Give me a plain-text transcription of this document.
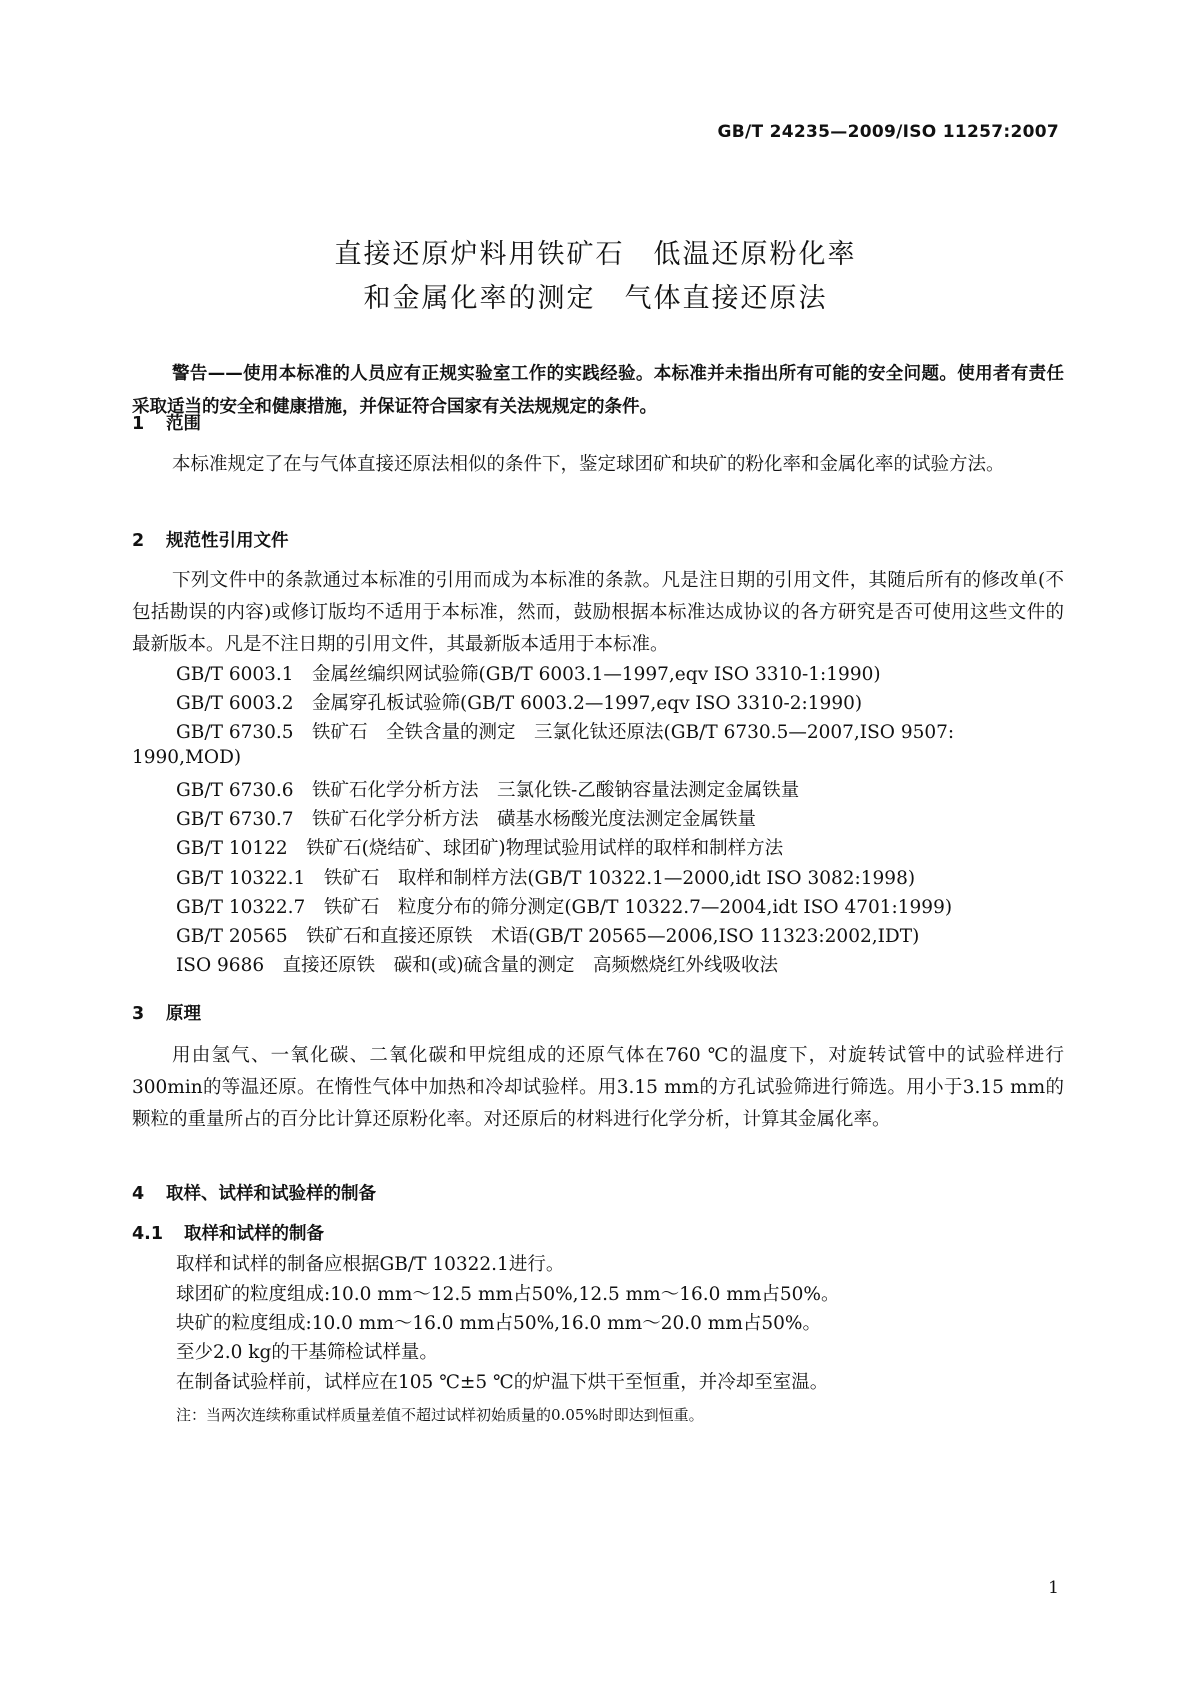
GB/T 24235—2009/ISO 11257:2007
直接还原炉料用铁矿石　低温还原粉化率
和金属化率的测定　气体直接还原法

警告——使用本标准的人员应有正规实验室工作的实践经验。本标准并未指出所有可能的安全问题。使用者有责任采取适当的安全和健康措施，并保证符合国家有关法规规定的条件。

1 范围

本标准规定了在与气体直接还原法相似的条件下，鉴定球团矿和块矿的粉化率和金属化率的试验方法。

2 规范性引用文件

下列文件中的条款通过本标准的引用而成为本标准的条款。凡是注日期的引用文件，其随后所有的修改单(不包括勘误的内容)或修订版均不适用于本标准，然而，鼓励根据本标准达成协议的各方研究是否可使用这些文件的最新版本。凡是不注日期的引用文件，其最新版本适用于本标准。

GB/T 6003.1　金属丝编织网试验筛(GB/T 6003.1—1997,eqv ISO 3310-1:1990)

GB/T 6003.2　金属穿孔板试验筛(GB/T 6003.2—1997,eqv ISO 3310-2:1990)

GB/T 6730.5　铁矿石　全铁含量的测定　三氯化钛还原法(GB/T 6730.5—2007,ISO 9507:

1990,MOD)

GB/T 6730.6　铁矿石化学分析方法　三氯化铁-乙酸钠容量法测定金属铁量

GB/T 6730.7　铁矿石化学分析方法　磺基水杨酸光度法测定金属铁量

GB/T 10122　铁矿石(烧结矿、球团矿)物理试验用试样的取样和制样方法

GB/T 10322.1　铁矿石　取样和制样方法(GB/T 10322.1—2000,idt ISO 3082:1998)

GB/T 10322.7　铁矿石　粒度分布的筛分测定(GB/T 10322.7—2004,idt ISO 4701:1999)

GB/T 20565　铁矿石和直接还原铁　术语(GB/T 20565—2006,ISO 11323:2002,IDT)

ISO 9686　直接还原铁　碳和(或)硫含量的测定　高频燃烧红外线吸收法

3 原理

用由氢气、一氧化碳、二氧化碳和甲烷组成的还原气体在760 ℃的温度下，对旋转试管中的试验样进行300min的等温还原。在惰性气体中加热和冷却试验样。用3.15 mm的方孔试验筛进行筛选。用小于3.15 mm的颗粒的重量所占的百分比计算还原粉化率。对还原后的材料进行化学分析，计算其金属化率。

4 取样、试样和试验样的制备
4.1 取样和试样的制备

取样和试样的制备应根据GB/T 10322.1进行。

球团矿的粒度组成:10.0 mm～12.5 mm占50%,12.5 mm～16.0 mm占50%。

块矿的粒度组成:10.0 mm～16.0 mm占50%,16.0 mm～20.0 mm占50%。

至少2.0 kg的干基筛检试样量。

在制备试验样前，试样应在105 ℃±5 ℃的炉温下烘干至恒重，并冷却至室温。

注：当两次连续称重试样质量差值不超过试样初始质量的0.05%时即达到恒重。

1
